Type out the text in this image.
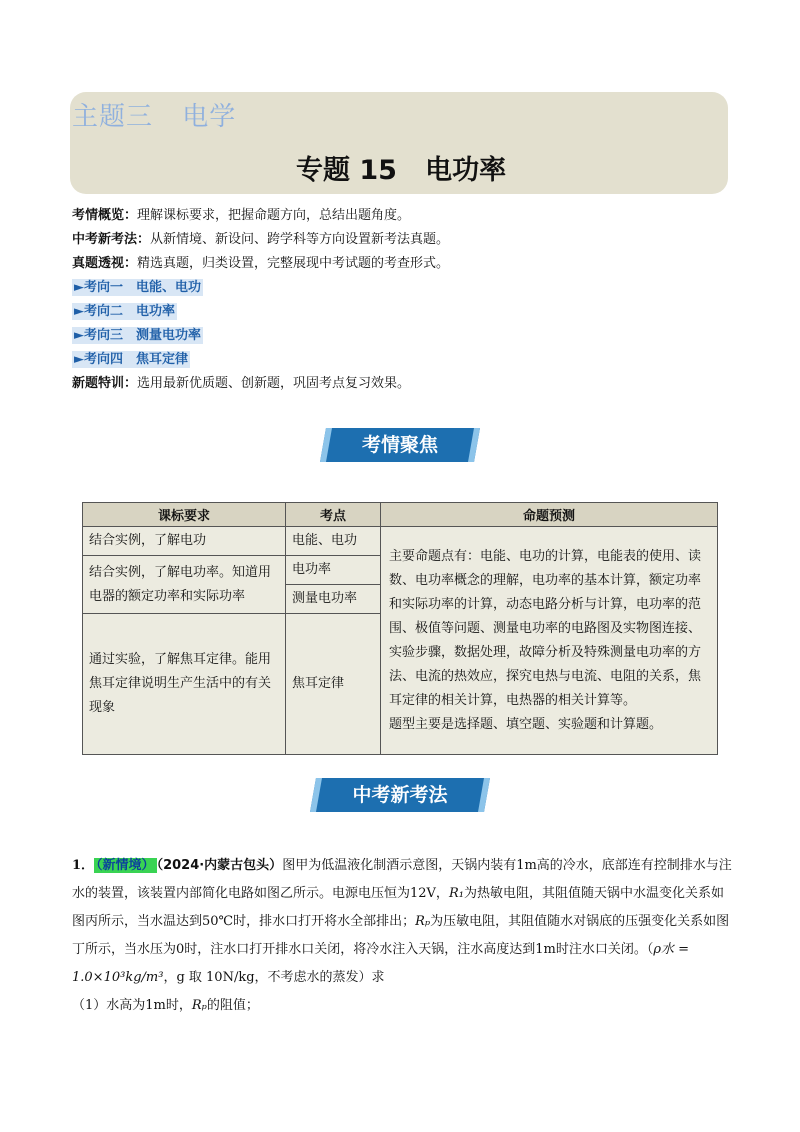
主题三 电学
专题 15   电功率
考情概览：理解课标要求，把握命题方向，总结出题角度。
中考新考法：从新情境、新设问、跨学科等方向设置新考法真题。
真题透视：精选真题，归类设置，完整展现中考试题的考查形式。
►考向一　电能、电功
►考向二　电功率
►考向三　测量电功率
►考向四　焦耳定律
新题特训：选用最新优质题、创新题，巩固考点复习效果。
考情聚焦
课标要求	考点	命题预测
结合实例，了解电功	电能、电功	主要命题点有：电能、电功的计算，电能表的使用、读数、电功率概念的理解，电功率的基本计算，额定功率和实际功率的计算，动态电路分析与计算，电功率的范围、极值等问题、测量电功率的电路图及实物图连接、实验步骤，数据处理，故障分析及特殊测量电功率的方法、电流的热效应，探究电热与电流、电阻的关系，焦耳定律的相关计算，电热器的相关计算等。
题型主要是选择题、填空题、实验题和计算题。

结合实例，了解电功率。知道用电器的额定功率和实际功率	电功率	
	测量电功率	
通过实验，了解焦耳定律。能用焦耳定律说明生产生活中的有关现象	焦耳定律	
中考新考法

1． （新情境） （2024·内蒙古包头）图甲为低温液化制酒示意图，天锅内装有1m高的冷水，底部连有控制排水与注水的装置，该装置内部简化电路如图乙所示。电源电压恒为12V，R₁为热敏电阻，其阻值随天锅中水温变化关系如图丙所示，当水温达到50℃时，排水口打开将水全部排出；Rₚ为压敏电阻，其阻值随水对锅底的压强变化关系如图丁所示，当水压为0时，注水口打开排水口关闭，将冷水注入天锅，注水高度达到1m时注水口关闭。（ρ水 = 1.0×10³kg/m³，g 取 10N/kg，不考虑水的蒸发）求

（1）水高为1m时，Rₚ的阻值；
